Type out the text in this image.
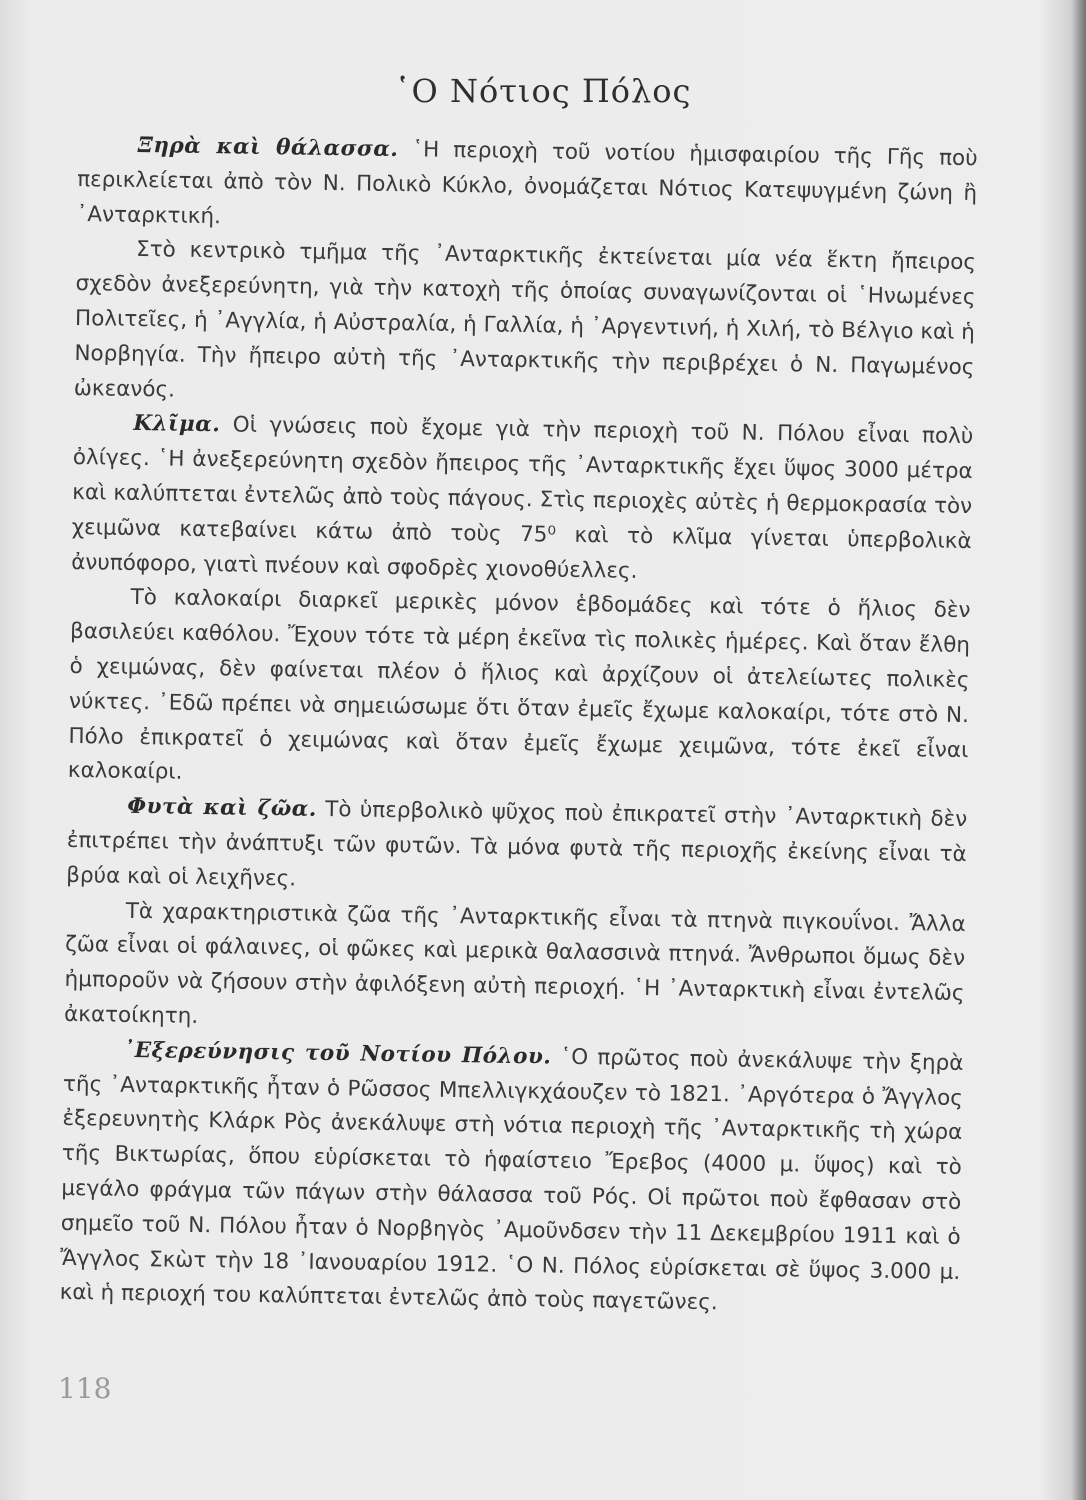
῾Ο Νότιος Πόλος

Ξηρὰ καὶ θάλασσα. ῾Η περιοχὴ τοῦ νοτίου ἡμισφαιρίου τῆς Γῆς ποὺ περικλείεται ἀπὸ τὸν Ν. Πολικὸ Κύκλο, ὀνομάζεται Νότιος Κατεψυγμένη ζώνη ἢ ᾿Ανταρκτική.

Στὸ κεντρικὸ τμῆμα τῆς ᾿Ανταρκτικῆς ἐκτείνεται μία νέα ἕκτη ἤπειρος σχεδὸν ἀνεξερεύνητη, γιὰ τὴν κατοχὴ τῆς ὁποίας συναγωνίζονται οἱ ῾Ηνωμένες Πολιτεῖες, ἡ ᾿Αγγλία, ἡ Αὐστραλία, ἡ Γαλλία, ἡ ᾿Αργεντινή, ἡ Χιλή, τὸ Βέλγιο καὶ ἡ Νορβηγία. Τὴν ἤπειρο αὐτὴ τῆς ᾿Ανταρκτικῆς τὴν περιβρέχει ὁ Ν. Παγωμένος ὠκεανός.

Κλῖμα. Οἱ γνώσεις ποὺ ἔχομε γιὰ τὴν περιοχὴ τοῦ Ν. Πόλου εἶναι πολὺ ὀλίγες. ῾Η ἀνεξερεύνητη σχεδὸν ἤπειρος τῆς ᾿Ανταρκτικῆς ἔχει ὕψος 3000 μέτρα καὶ καλύπτεται ἐντελῶς ἀπὸ τοὺς πάγους. Στὶς περιοχὲς αὐτὲς ἡ θερμοκρασία τὸν χειμῶνα κατεβαίνει κάτω ἀπὸ τοὺς 75⁰ καὶ τὸ κλῖμα γίνεται ὑπερβολικὰ ἀνυπόφορο, γιατὶ πνέουν καὶ σφοδρὲς χιονοθύελλες.

Τὸ καλοκαίρι διαρκεῖ μερικὲς μόνον ἑβδομάδες καὶ τότε ὁ ἥλιος δὲν βασιλεύει καθόλου. Ἔχουν τότε τὰ μέρη ἐκεῖνα τὶς πολικὲς ἡμέρες. Καὶ ὅταν ἔλθη ὁ χειμώνας, δὲν φαίνεται πλέον ὁ ἥλιος καὶ ἀρχίζουν οἱ ἀτελείωτες πολικὲς νύκτες. ᾿Εδῶ πρέπει νὰ σημειώσωμε ὅτι ὅταν ἐμεῖς ἔχωμε καλοκαίρι, τότε στὸ Ν. Πόλο ἐπικρατεῖ ὁ χειμώνας καὶ ὅταν ἐμεῖς ἔχωμε χειμῶνα, τότε ἐκεῖ εἶναι καλοκαίρι.

Φυτὰ καὶ ζῶα. Τὸ ὑπερβολικὸ ψῦχος ποὺ ἐπικρατεῖ στὴν ᾿Ανταρκτικὴ δὲν ἐπιτρέπει τὴν ἀνάπτυξι τῶν φυτῶν. Τὰ μόνα φυτὰ τῆς περιοχῆς ἐκείνης εἶναι τὰ βρύα καὶ οἱ λειχῆνες.

Τὰ χαρακτηριστικὰ ζῶα τῆς ᾿Ανταρκτικῆς εἶναι τὰ πτηνὰ πιγκουΐνοι. Ἄλλα ζῶα εἶναι οἱ φάλαινες, οἱ φῶκες καὶ μερικὰ θαλασσινὰ πτηνά. Ἄνθρωποι ὅμως δὲν ἠμποροῦν νὰ ζήσουν στὴν ἀφιλόξενη αὐτὴ περιοχή. ῾Η ᾿Ανταρκτικὴ εἶναι ἐντελῶς ἀκατοίκητη.

᾿Εξερεύνησις τοῦ Νοτίου Πόλου. ῾Ο πρῶτος ποὺ ἀνεκάλυψε τὴν ξηρὰ τῆς ᾿Ανταρκτικῆς ἦταν ὁ Ρῶσσος Μπελλιγκχάουζεν τὸ 1821. ᾿Αργότερα ὁ Ἄγγλος ἐξερευνητὴς Κλάρκ Ρὸς ἀνεκάλυψε στὴ νότια περιοχὴ τῆς ᾿Ανταρκτικῆς τὴ χώρα τῆς Βικτωρίας, ὅπου εὑρίσκεται τὸ ἡφαίστειο Ἔρεβος (4000 μ. ὕψος) καὶ τὸ μεγάλο φράγμα τῶν πάγων στὴν θάλασσα τοῦ Ρός. Οἱ πρῶτοι ποὺ ἔφθασαν στὸ σημεῖο τοῦ Ν. Πόλου ἦταν ὁ Νορβηγὸς ᾿Αμοῦνδσεν τὴν 11 Δεκεμβρίου 1911 καὶ ὁ Ἄγγλος Σκὼτ τὴν 18 ᾿Ιανουαρίου 1912. ῾Ο Ν. Πόλος εὑρίσκεται σὲ ὕψος 3.000 μ. καὶ ἡ περιοχή του καλύπτεται ἐντελῶς ἀπὸ τοὺς παγετῶνες.

118
